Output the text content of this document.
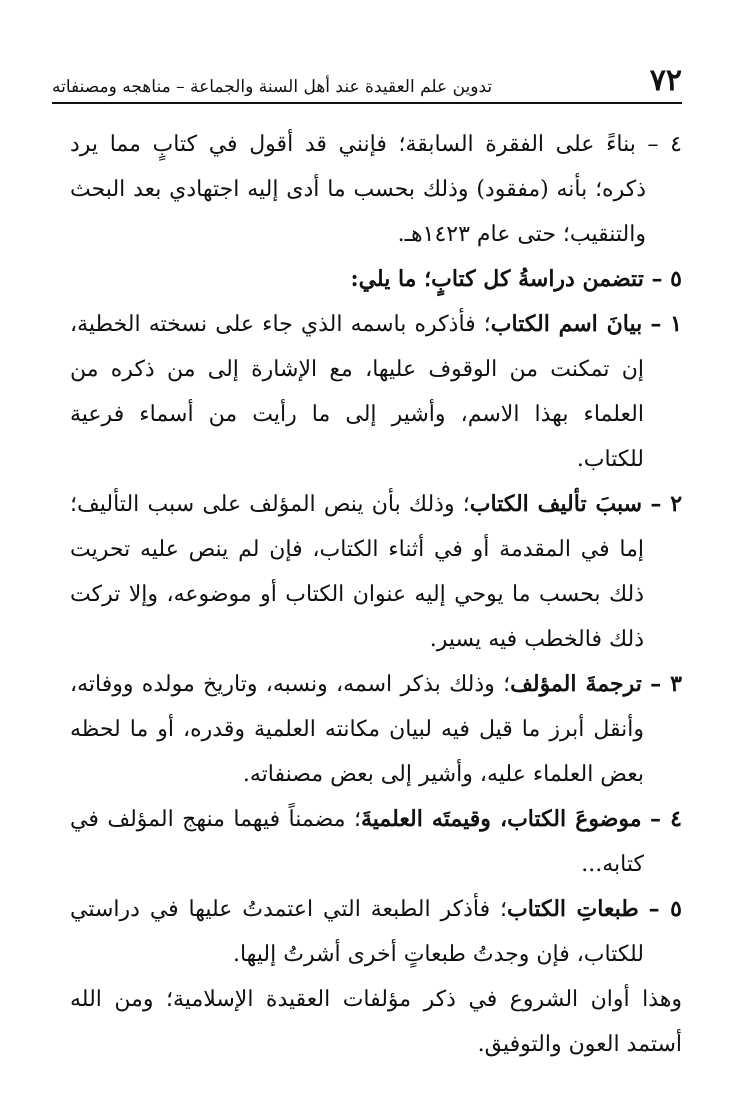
٧٢
تدوين علم العقيدة عند أهل السنة والجماعة – مناهجه ومصنفاته

٤ – بناءً على الفقرة السابقة؛ فإنني قد أقول في كتابٍ مما يرد ذكره؛ بأنه (مفقود) وذلك بحسب ما أدى إليه اجتهادي بعد البحث والتنقيب؛ حتى عام ١٤٢٣هـ.

٥ – تتضمن دراسةُ كل كتابٍ؛ ما يلي:

١ – بيانَ اسم الكتاب؛ فأذكره باسمه الذي جاء على نسخته الخطية، إن تمكنت من الوقوف عليها، مع الإشارة إلى من ذكره من العلماء بهذا الاسم، وأشير إلى ما رأيت من أسماء فرعية للكتاب.

٢ – سببَ تأليف الكتاب؛ وذلك بأن ينص المؤلف على سبب التأليف؛ إما في المقدمة أو في أثناء الكتاب، فإن لم ينص عليه تحريت ذلك بحسب ما يوحي إليه عنوان الكتاب أو موضوعه، وإلا تركت ذلك فالخطب فيه يسير.

٣ – ترجمةَ المؤلف؛ وذلك بذكر اسمه، ونسبه، وتاريخ مولده ووفاته، وأنقل أبرز ما قيل فيه لبيان مكانته العلمية وقدره، أو ما لحظه بعض العلماء عليه، وأشير إلى بعض مصنفاته.

٤ – موضوعَ الكتاب، وقيمتَه العلميةَ؛ مضمناً فيهما منهج المؤلف في كتابه...

٥ – طبعاتِ الكتاب؛ فأذكر الطبعة التي اعتمدتُ عليها في دراستي للكتاب، فإن وجدتُ طبعاتٍ أخرى أشرتُ إليها.

وهذا أوان الشروع في ذكر مؤلفات العقيدة الإسلامية؛ ومن الله أستمد العون والتوفيق.
